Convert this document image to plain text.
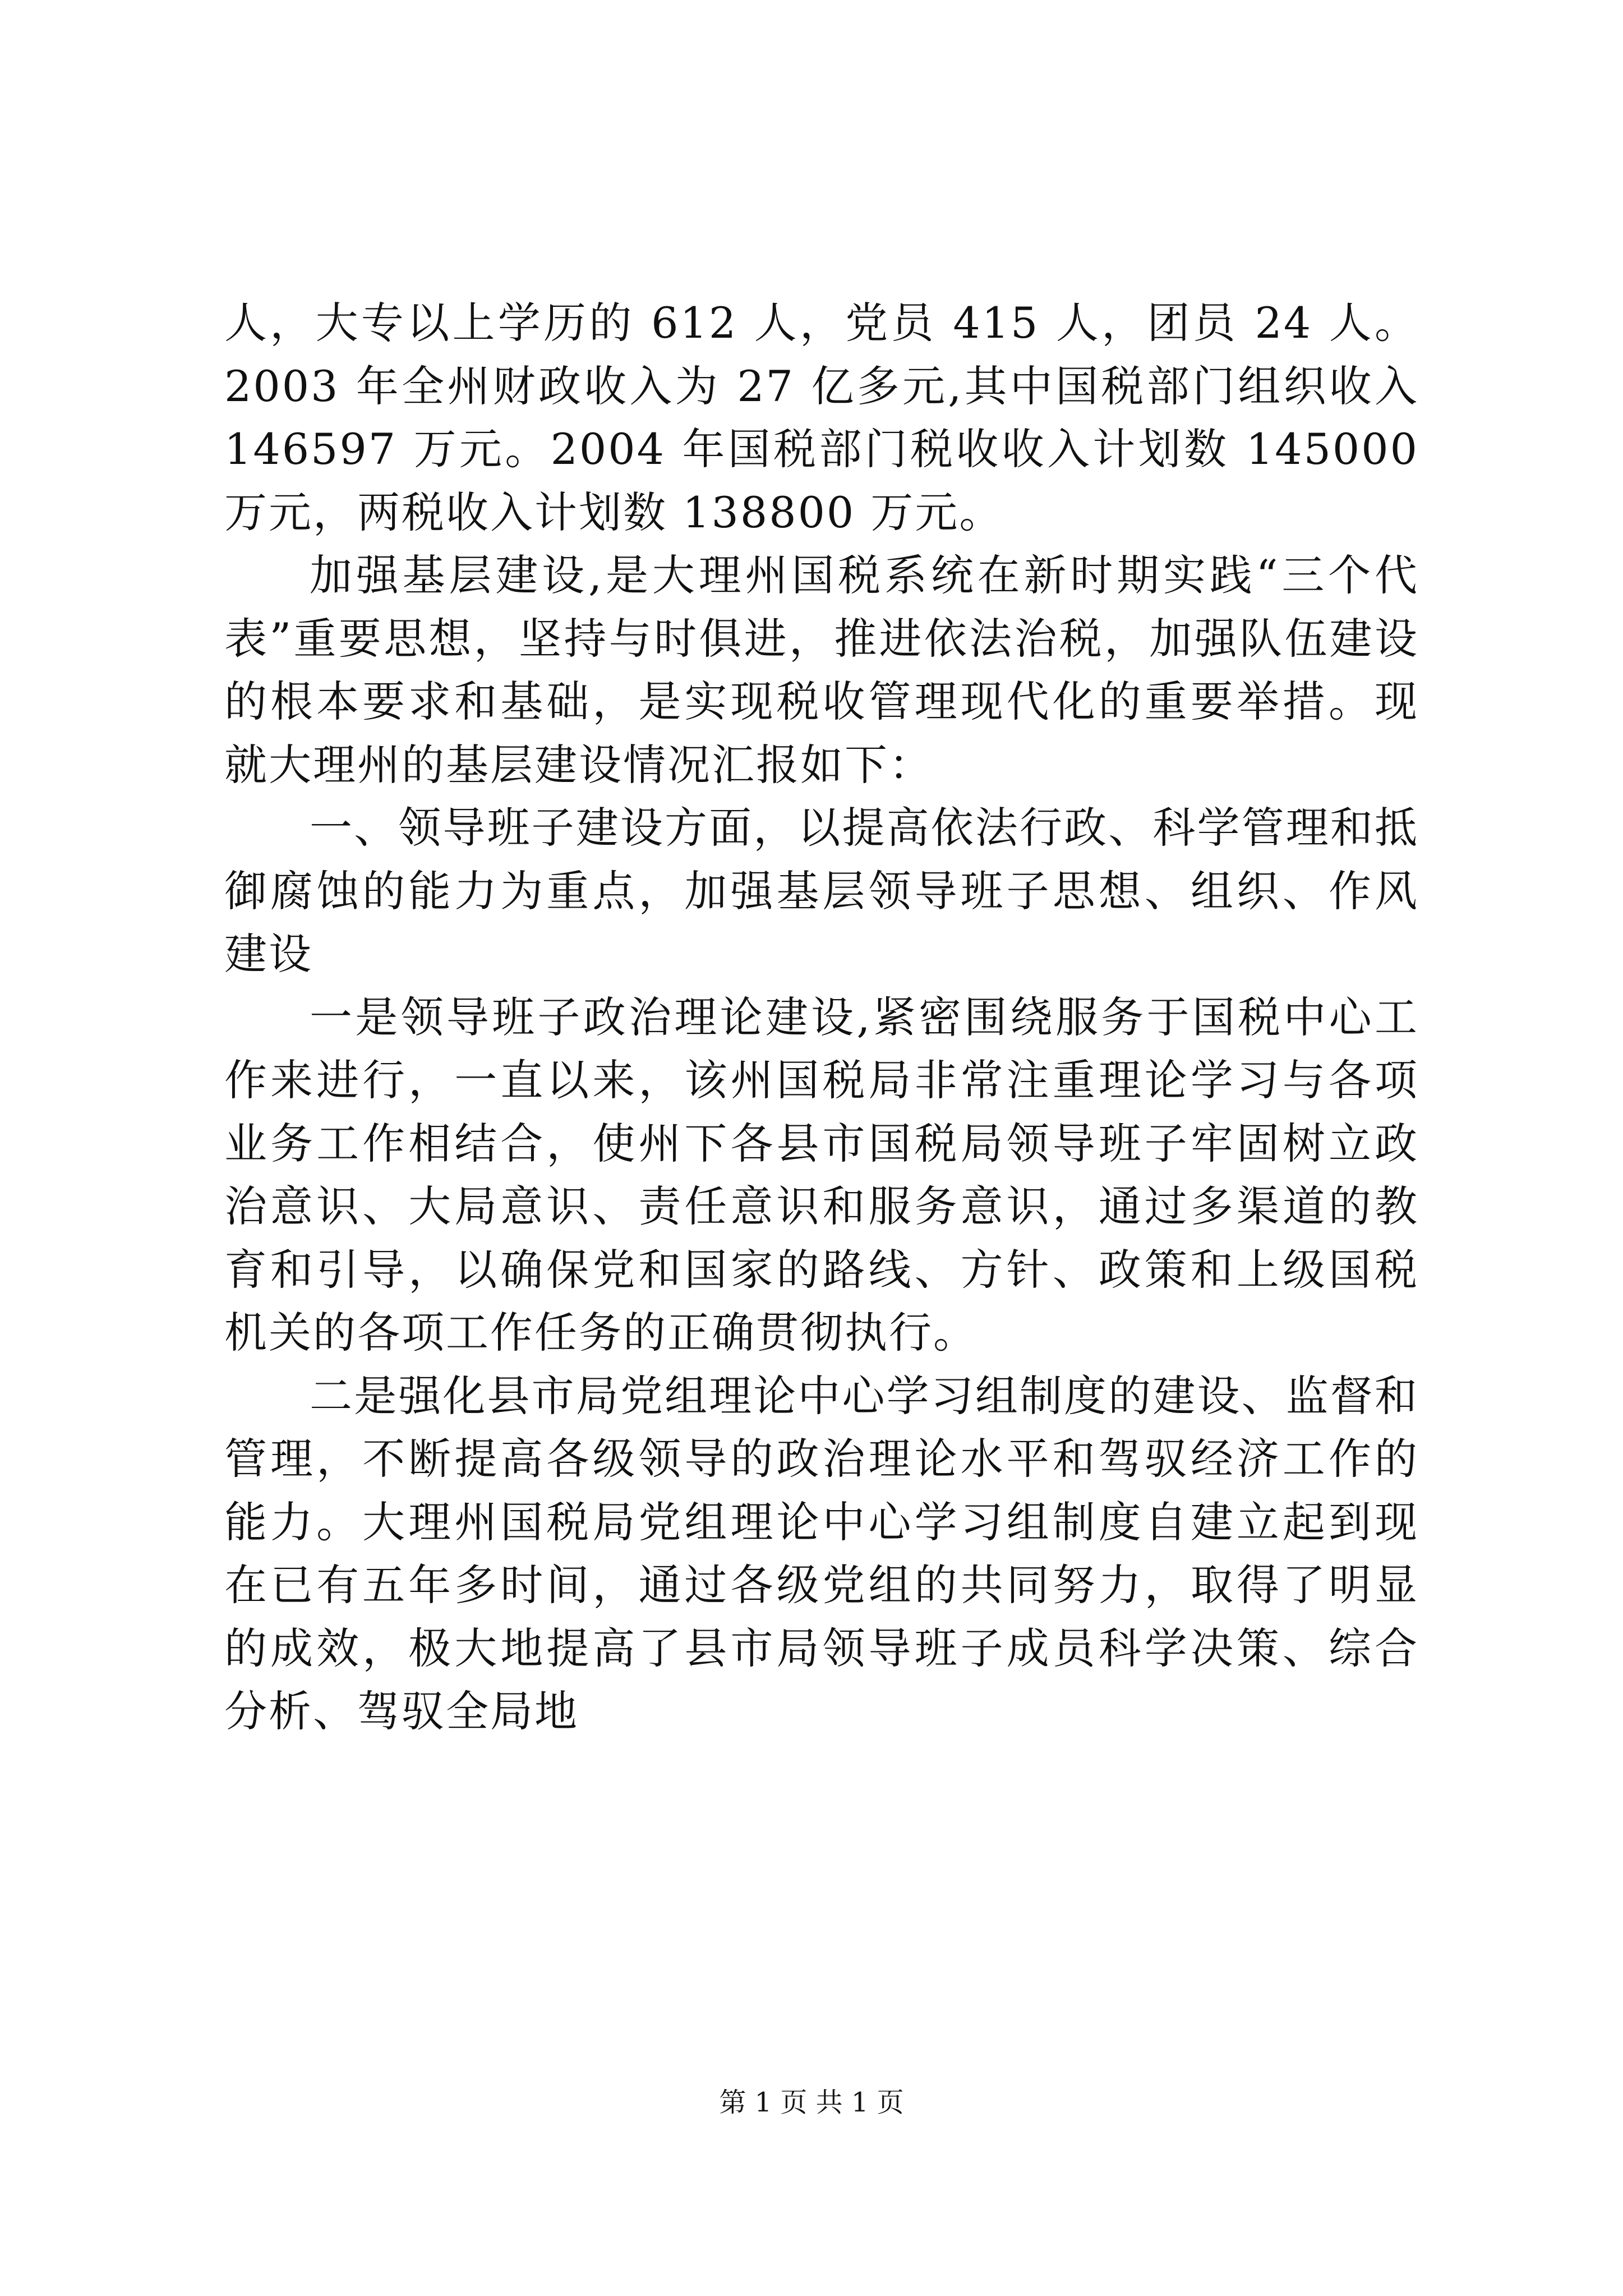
人，大专以上学历的 612 人，党员 415 人，团员 24 人。2003 年全州财政收入为 27 亿多元,其中国税部门组织收入 146597 万元。2004 年国税部门税收收入计划数 145000 万元，两税收入计划数 138800 万元。

加强基层建设,是大理州国税系统在新时期实践“三个代表”重要思想，坚持与时俱进，推进依法治税，加强队伍建设的根本要求和基础，是实现税收管理现代化的重要举措。现就大理州的基层建设情况汇报如下：

一、领导班子建设方面，以提高依法行政、科学管理和抵御腐蚀的能力为重点，加强基层领导班子思想、组织、作风建设

一是领导班子政治理论建设,紧密围绕服务于国税中心工作来进行，一直以来，该州国税局非常注重理论学习与各项业务工作相结合，使州下各县市国税局领导班子牢固树立政治意识、大局意识、责任意识和服务意识，通过多渠道的教育和引导，以确保党和国家的路线、方针、政策和上级国税机关的各项工作任务的正确贯彻执行。

二是强化县市局党组理论中心学习组制度的建设、监督和管理，不断提高各级领导的政治理论水平和驾驭经济工作的能力。大理州国税局党组理论中心学习组制度自建立起到现在已有五年多时间，通过各级党组的共同努力，取得了明显的成效，极大地提高了县市局领导班子成员科学决策、综合分析、驾驭全局地

第 1 页 共 1 页
